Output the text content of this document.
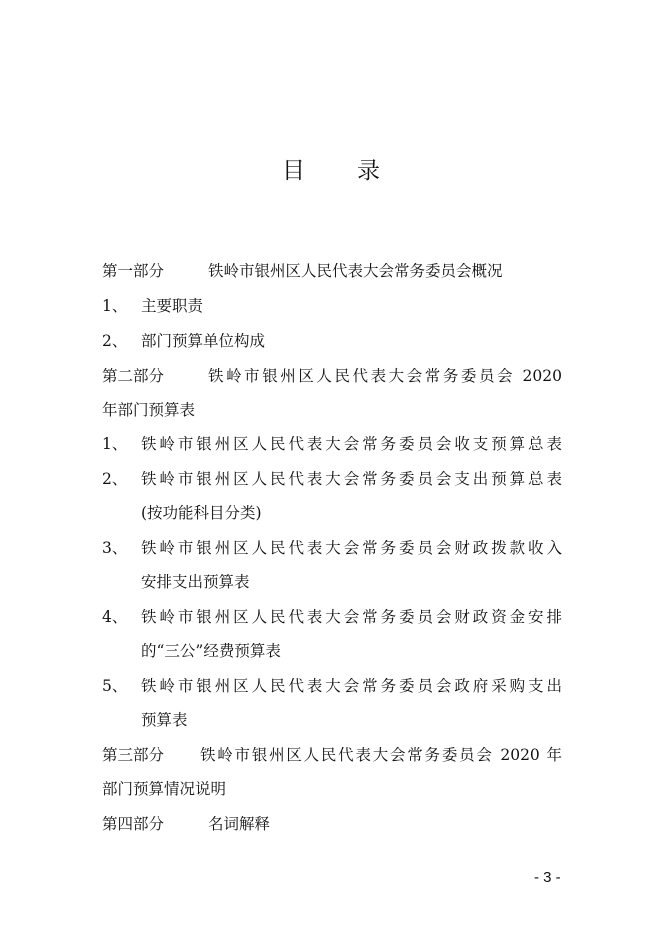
目 录
第一部分	铁岭市银州区人民代表大会常务委员会概况
1、 主要职责
2、 部门预算单位构成
第二部分	铁岭市银州区人民代表大会常务委员会 2020
年部门预算表
1、 铁岭市银州区人民代表大会常务委员会收支预算总表
2、 铁岭市银州区人民代表大会常务委员会支出预算总表
(按功能科目分类)
3、 铁岭市银州区人民代表大会常务委员会财政拨款收入
安排支出预算表
4、 铁岭市银州区人民代表大会常务委员会财政资金安排
的“三公”经费预算表
5、 铁岭市银州区人民代表大会常务委员会政府采购支出
预算表
第三部分	铁岭市银州区人民代表大会常务委员会 2020 年
部门预算情况说明
第四部分	名词解释
- 3 -
